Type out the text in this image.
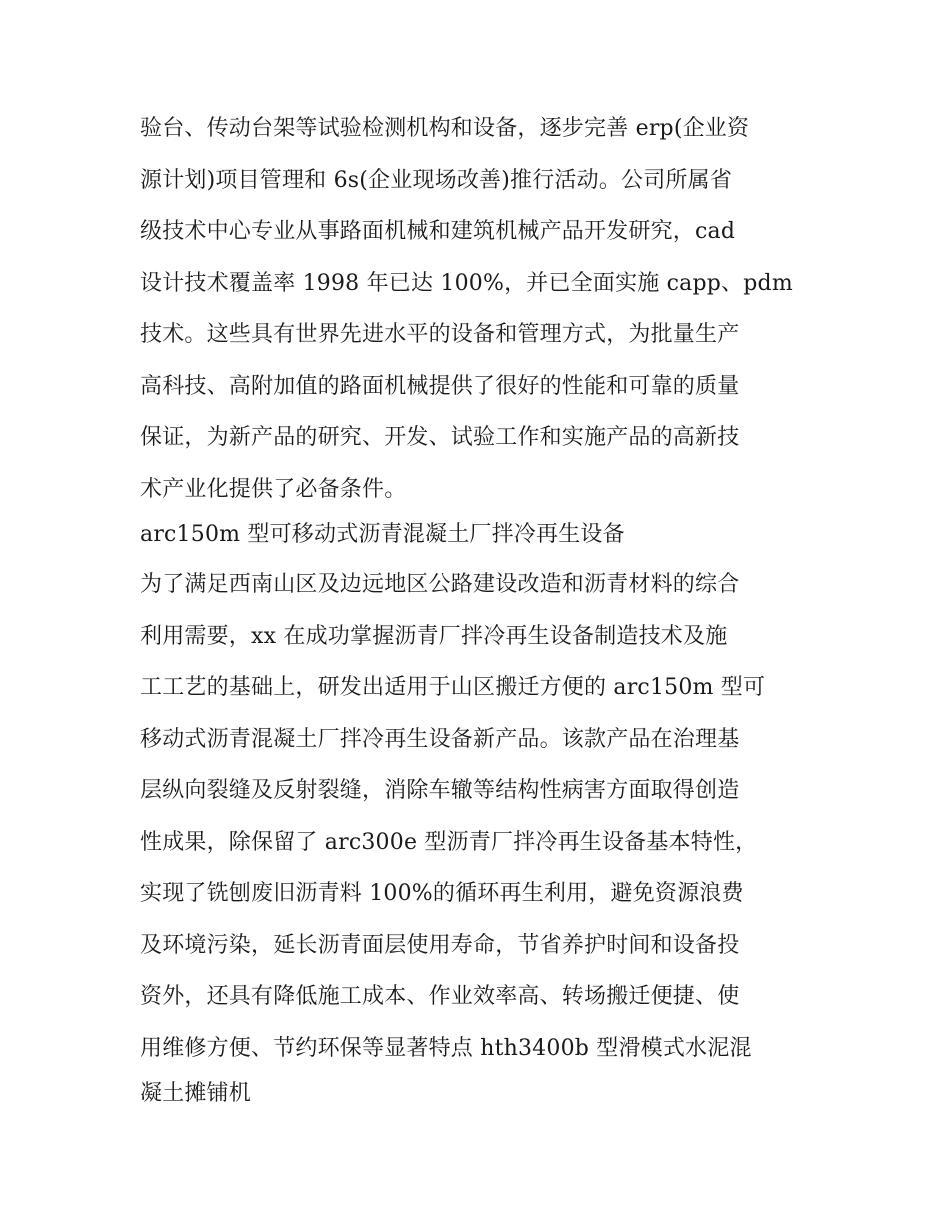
验台、传动台架等试验检测机构和设备，逐步完善 erp(企业资
源计划)项目管理和 6s(企业现场改善)推行活动。公司所属省
级技术中心专业从事路面机械和建筑机械产品开发研究，cad
设计技术覆盖率 1998 年已达 100%，并已全面实施 capp、pdm
技术。这些具有世界先进水平的设备和管理方式，为批量生产
高科技、高附加值的路面机械提供了很好的性能和可靠的质量
保证，为新产品的研究、开发、试验工作和实施产品的高新技
术产业化提供了必备条件。
arc150m 型可移动式沥青混凝土厂拌冷再生设备
为了满足西南山区及边远地区公路建设改造和沥青材料的综合
利用需要，xx 在成功掌握沥青厂拌冷再生设备制造技术及施
工工艺的基础上，研发出适用于山区搬迁方便的 arc150m 型可
移动式沥青混凝土厂拌冷再生设备新产品。该款产品在治理基
层纵向裂缝及反射裂缝，消除车辙等结构性病害方面取得创造
性成果，除保留了 arc300e 型沥青厂拌冷再生设备基本特性，
实现了铣刨废旧沥青料 100%的循环再生利用，避免资源浪费
及环境污染，延长沥青面层使用寿命，节省养护时间和设备投
资外，还具有降低施工成本、作业效率高、转场搬迁便捷、使
用维修方便、节约环保等显著特点 hth3400b 型滑模式水泥混
凝土摊铺机
